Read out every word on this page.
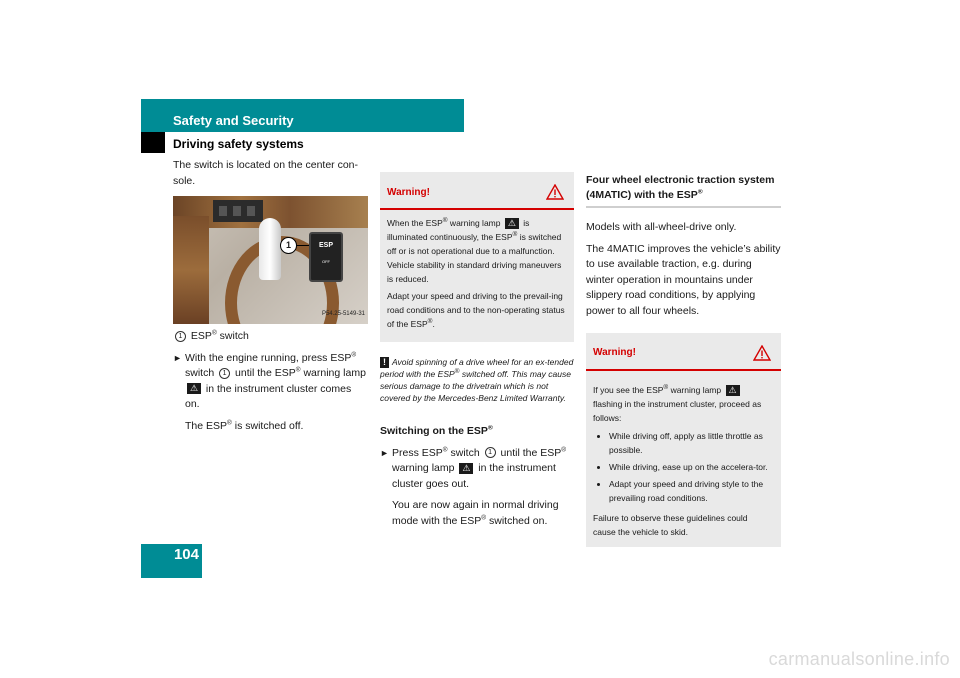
Safety and Security
Driving safety systems
The switch is located on the center con-sole.
1	ESP
OFF
P54.25-5149-31
1 ESP® switch
► With the engine running, press ESP® switch 1 until the ESP® warning lamp ⚠ in the instrument cluster comes on.
The ESP® is switched off.
Warning!

When the ESP® warning lamp ⚠ is illuminated continuously, the ESP® is switched off or is not operational due to a malfunction. Vehicle stability in standard driving maneuvers is reduced.

Adapt your speed and driving to the prevail-ing road conditions and to the non-operating status of the ESP®.

! Avoid spinning of a drive wheel for an ex-tended period with the ESP® switched off. This may cause serious damage to the drivetrain which is not covered by the Mercedes-Benz Limited Warranty.
Switching on the ESP®
► Press ESP® switch 1 until the ESP® warning lamp ⚠ in the instrument cluster goes out.
You are now again in normal driving mode with the ESP® switched on.
Four wheel electronic traction system (4MATIC) with the ESP®

Models with all-wheel-drive only.

The 4MATIC improves the vehicle’s ability to use available traction, e.g. during winter operation in mountains under slippery road conditions, by applying power to all four wheels.

Warning!

If you see the ESP® warning lamp ⚠ flashing in the instrument cluster, proceed as follows:

• While driving off, apply as little throttle as possible.
• While driving, ease up on the accelera-tor.
• Adapt your speed and driving style to the prevailing road conditions.

Failure to observe these guidelines could cause the vehicle to skid.

104
carmanualsonline.info
